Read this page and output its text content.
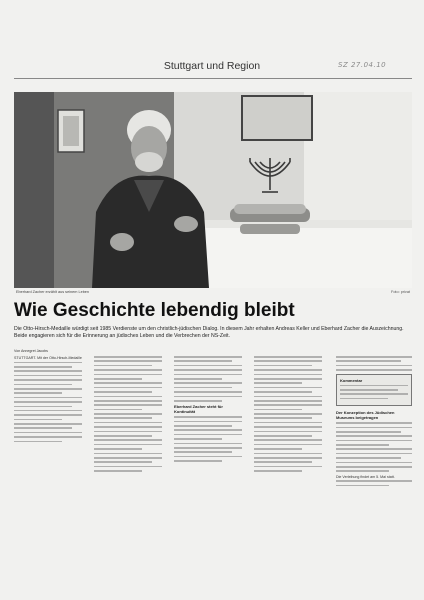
Stuttgart und Region	SZ 27.04.10
Eberhard Zacher erzählt aus seinem Leben	Foto: privat
Wie Geschichte lebendig bleibt
Die Otto-Hirsch-Medaille würdigt seit 1985 Verdienste um den christlich-jüdischen Dialog. In diesem Jahr erhalten Andreas Keller und Eberhard Zacher die Auszeichnung. Beide engagieren sich für die Erinnerung an jüdisches Leben und die Verbrechen der NS-Zeit.
Von Annegret Jacobs
STUTTGART. Mit der Otto-Hirsch-Medaille
Eberhard Zacher steht für Kontinuität
Kommentar
Der Konzeption des Jüdischen Museums beigetragen
Die Verleihung findet am 5. Mai statt.
